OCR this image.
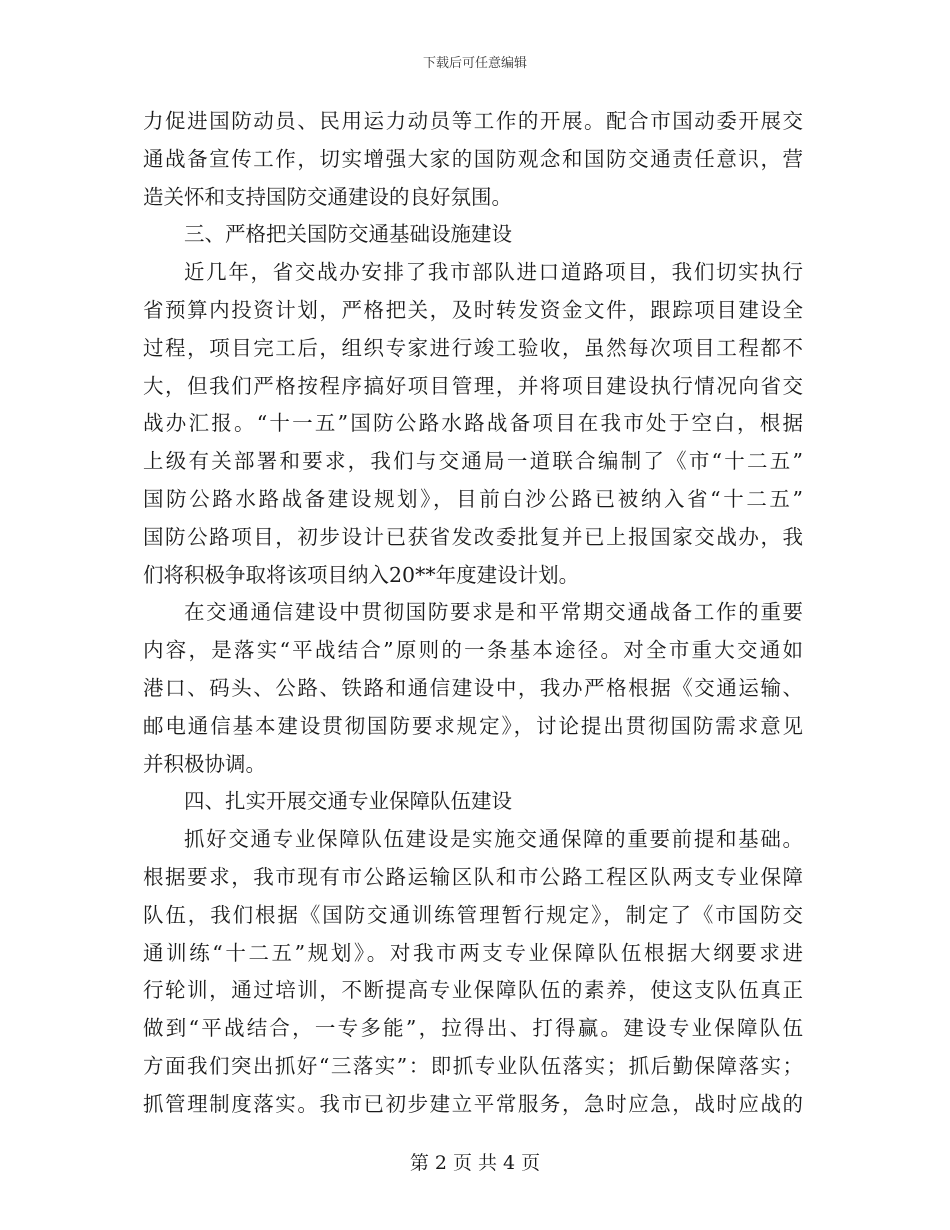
下载后可任意编辑
力促进国防动员、民用运力动员等工作的开展。配合市国动委开展交
通战备宣传工作，切实增强大家的国防观念和国防交通责任意识，营
造关怀和支持国防交通建设的良好氛围。
三、严格把关国防交通基础设施建设
近几年，省交战办安排了我市部队进口道路项目，我们切实执行
省预算内投资计划，严格把关，及时转发资金文件，跟踪项目建设全
过程，项目完工后，组织专家进行竣工验收，虽然每次项目工程都不
大，但我们严格按程序搞好项目管理，并将项目建设执行情况向省交
战办汇报。“十一五”国防公路水路战备项目在我市处于空白，根据
上级有关部署和要求，我们与交通局一道联合编制了《市“十二五”
国防公路水路战备建设规划》，目前白沙公路已被纳入省“十二五”
国防公路项目，初步设计已获省发改委批复并已上报国家交战办，我
们将积极争取将该项目纳入20**年度建设计划。
在交通通信建设中贯彻国防要求是和平常期交通战备工作的重要
内容，是落实“平战结合”原则的一条基本途径。对全市重大交通如
港口、码头、公路、铁路和通信建设中，我办严格根据《交通运输、
邮电通信基本建设贯彻国防要求规定》，讨论提出贯彻国防需求意见
并积极协调。
四、扎实开展交通专业保障队伍建设
抓好交通专业保障队伍建设是实施交通保障的重要前提和基础。
根据要求，我市现有市公路运输区队和市公路工程区队两支专业保障
队伍，我们根据《国防交通训练管理暂行规定》，制定了《市国防交
通训练“十二五”规划》。对我市两支专业保障队伍根据大纲要求进
行轮训，通过培训，不断提高专业保障队伍的素养，使这支队伍真正
做到“平战结合，一专多能”，拉得出、打得赢。建设专业保障队伍
方面我们突出抓好“三落实”：即抓专业队伍落实；抓后勤保障落实；
抓管理制度落实。我市已初步建立平常服务，急时应急，战时应战的
第 2 页 共 4 页
